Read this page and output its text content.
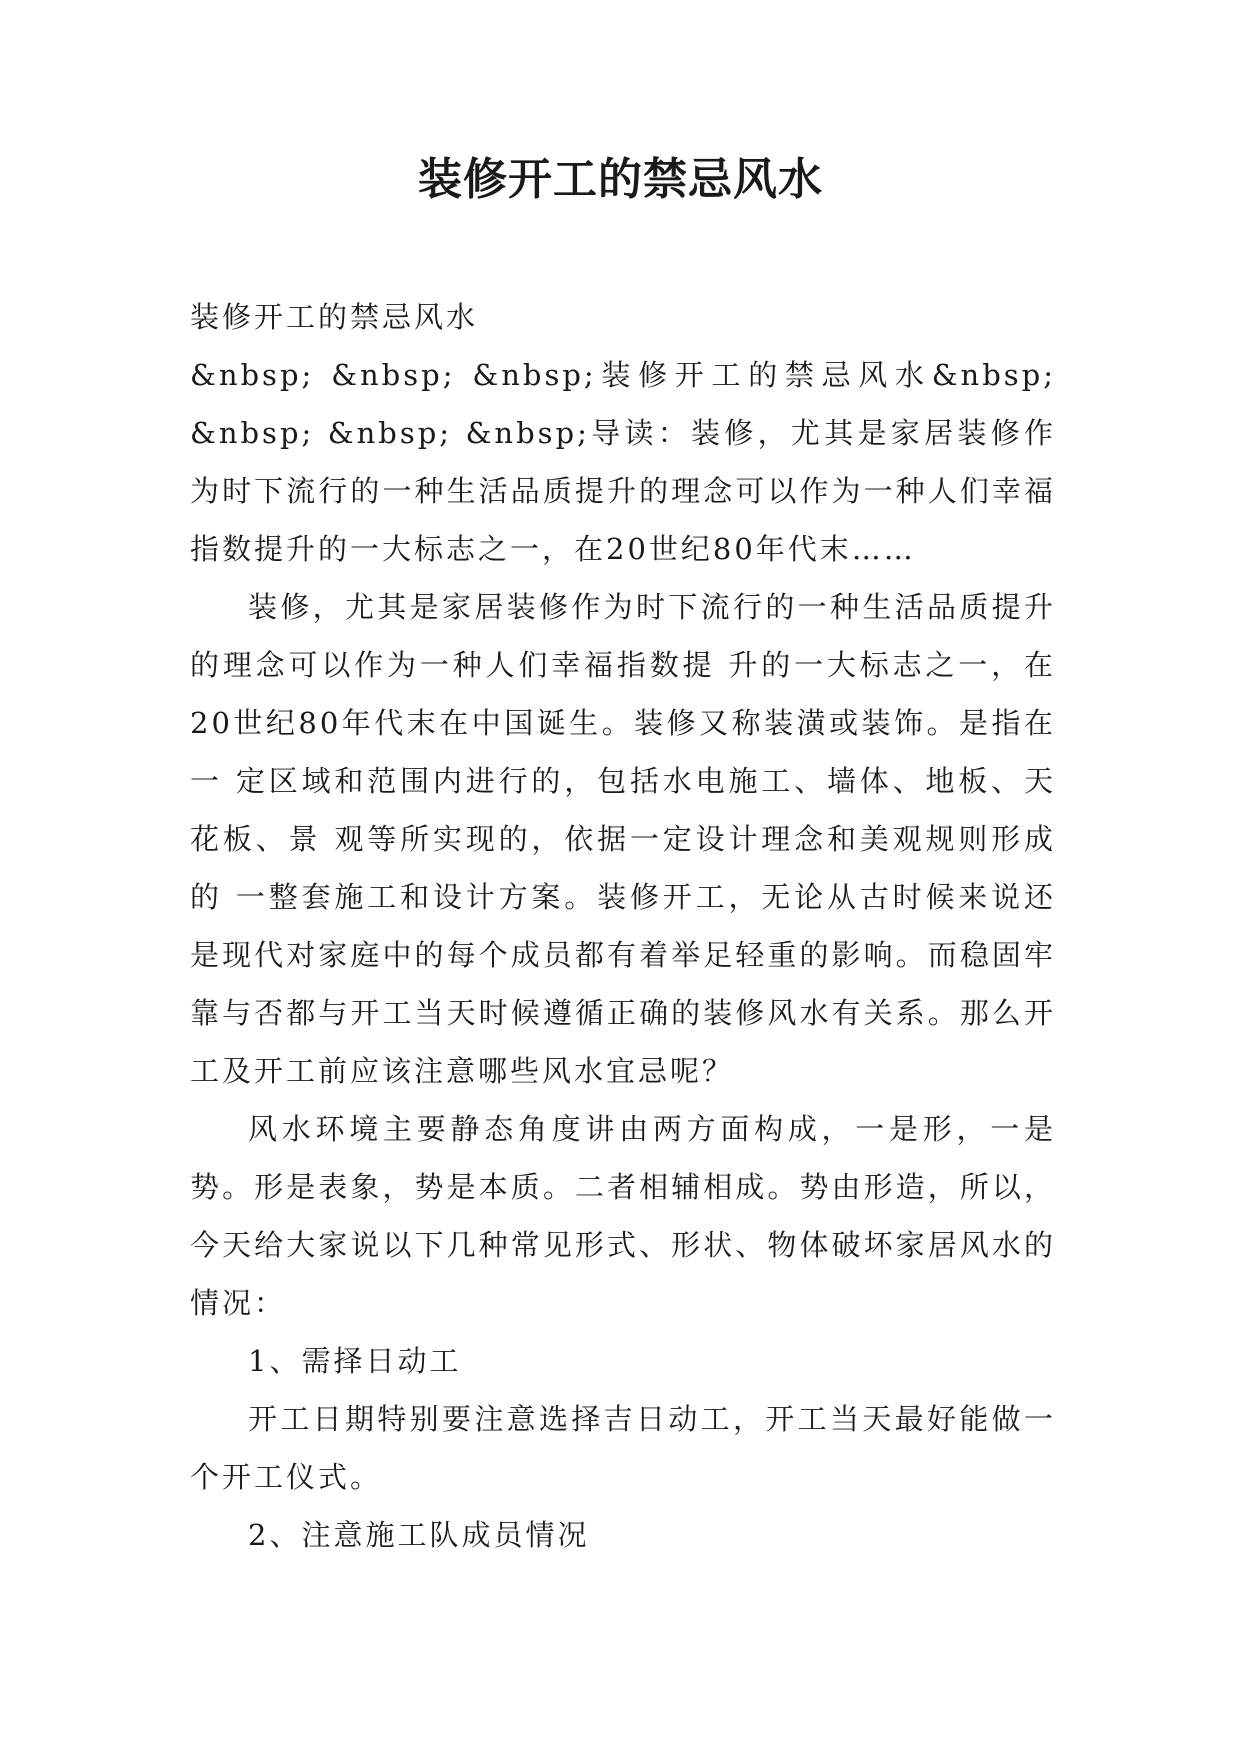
装修开工的禁忌风水

装修开工的禁忌风水

&nbsp; &nbsp; &nbsp;装修开工的禁忌风水&nbsp; &nbsp; &nbsp; &nbsp;导读：装修，尤其是家居装修作为时下流行的一种生活品质提升的理念可以作为一种人们幸福指数提升的一大标志之一，在20世纪80年代末……

装修，尤其是家居装修作为时下流行的一种生活品质提升的理念可以作为一种人们幸福指数提 升的一大标志之一，在20世纪80年代末在中国诞生。装修又称装潢或装饰。是指在一 定区域和范围内进行的，包括水电施工、墙体、地板、天花板、景 观等所实现的，依据一定设计理念和美观规则形成的 一整套施工和设计方案。装修开工，无论从古时候来说还是现代对家庭中的每个成员都有着举足轻重的影响。而稳固牢靠与否都与开工当天时候遵循正确的装修风水有关系。那么开工及开工前应该注意哪些风水宜忌呢？

风水环境主要静态角度讲由两方面构成，一是形，一是势。形是表象，势是本质。二者相辅相成。势由形造，所以，今天给大家说以下几种常见形式、形状、物体破坏家居风水的情况：

1、需择日动工

开工日期特别要注意选择吉日动工，开工当天最好能做一个开工仪式。

2、注意施工队成员情况
